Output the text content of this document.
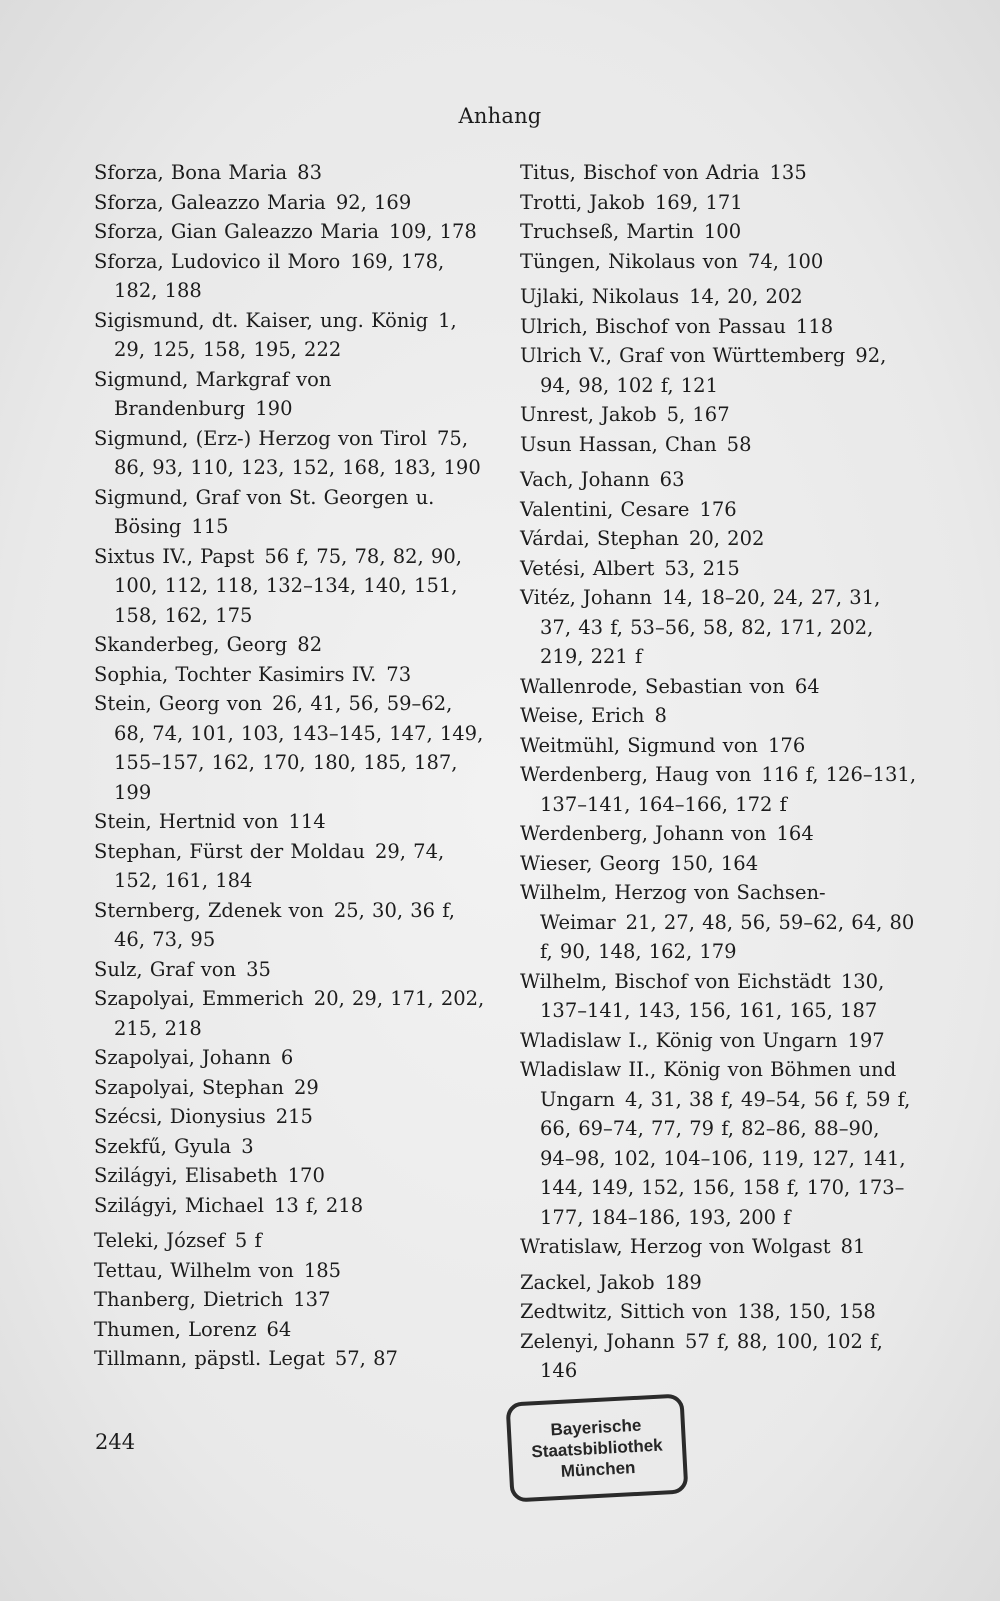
Anhang

Sforza, Bona Maria 83

Sforza, Galeazzo Maria 92, 169

Sforza, Gian Galeazzo Maria 109, 178

Sforza, Ludovico il Moro 169, 178, 182, 188

Sigismund, dt. Kaiser, ung. König 1, 29, 125, 158, 195, 222

Sigmund, Markgraf von Brandenburg 190

Sigmund, (Erz-) Herzog von Tirol 75, 86, 93, 110, 123, 152, 168, 183, 190

Sigmund, Graf von St. Georgen u. Bösing 115

Sixtus IV., Papst 56 f, 75, 78, 82, 90, 100, 112, 118, 132–134, 140, 151, 158, 162, 175

Skanderbeg, Georg 82

Sophia, Tochter Kasimirs IV. 73

Stein, Georg von 26, 41, 56, 59–62, 68, 74, 101, 103, 143–145, 147, 149, 155–157, 162, 170, 180, 185, 187, 199

Stein, Hertnid von 114

Stephan, Fürst der Moldau 29, 74, 152, 161, 184

Sternberg, Zdenek von 25, 30, 36 f, 46, 73, 95

Sulz, Graf von 35

Szapolyai, Emmerich 20, 29, 171, 202, 215, 218

Szapolyai, Johann 6

Szapolyai, Stephan 29

Szécsi, Dionysius 215

Szekfű, Gyula 3

Szilágyi, Elisabeth 170

Szilágyi, Michael 13 f, 218

Teleki, József 5 f

Tettau, Wilhelm von 185

Thanberg, Dietrich 137

Thumen, Lorenz 64

Tillmann, päpstl. Legat 57, 87

Titus, Bischof von Adria 135

Trotti, Jakob 169, 171

Truchseß, Martin 100

Tüngen, Nikolaus von 74, 100

Ujlaki, Nikolaus 14, 20, 202

Ulrich, Bischof von Passau 118

Ulrich V., Graf von Württemberg 92, 94, 98, 102 f, 121

Unrest, Jakob 5, 167

Usun Hassan, Chan 58

Vach, Johann 63

Valentini, Cesare 176

Várdai, Stephan 20, 202

Vetési, Albert 53, 215

Vitéz, Johann 14, 18–20, 24, 27, 31, 37, 43 f, 53–56, 58, 82, 171, 202, 219, 221 f

Wallenrode, Sebastian von 64

Weise, Erich 8

Weitmühl, Sigmund von 176

Werdenberg, Haug von 116 f, 126–131, 137–141, 164–166, 172 f

Werdenberg, Johann von 164

Wieser, Georg 150, 164

Wilhelm, Herzog von Sachsen-Weimar 21, 27, 48, 56, 59–62, 64, 80 f, 90, 148, 162, 179

Wilhelm, Bischof von Eichstädt 130, 137–141, 143, 156, 161, 165, 187

Wladislaw I., König von Ungarn 197

Wladislaw II., König von Böhmen und Ungarn 4, 31, 38 f, 49–54, 56 f, 59 f, 66, 69–74, 77, 79 f, 82–86, 88–90, 94–98, 102, 104–106, 119, 127, 141, 144, 149, 152, 156, 158 f, 170, 173–177, 184–186, 193, 200 f

Wratislaw, Herzog von Wolgast 81

Zackel, Jakob 189

Zedtwitz, Sittich von 138, 150, 158

Zelenyi, Johann 57 f, 88, 100, 102 f, 146

244
Bayerische
Staatsbibliothek
München
